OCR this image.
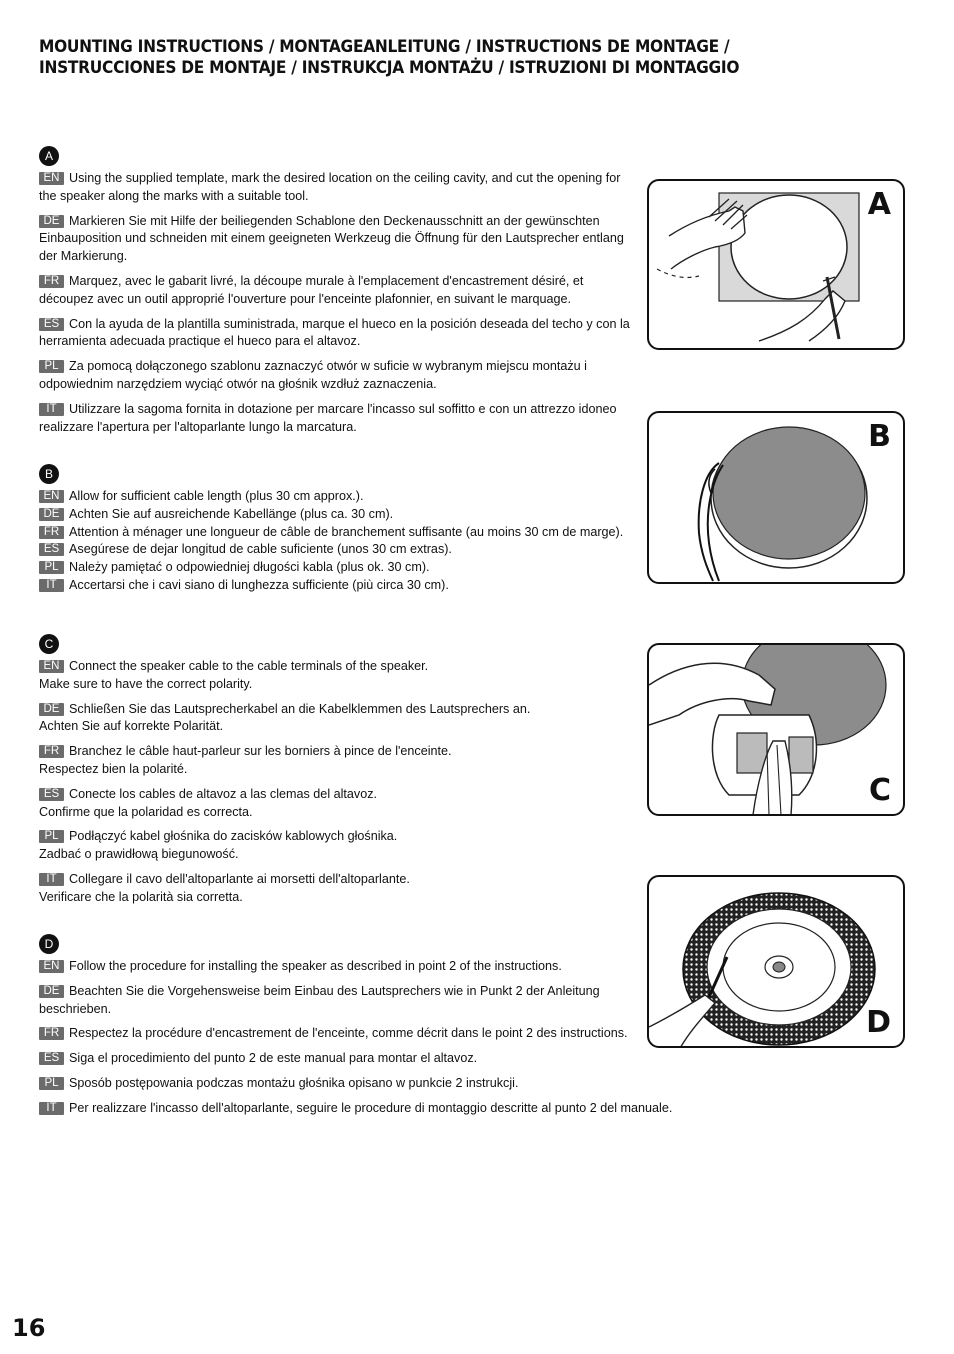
MOUNTING INSTRUCTIONS / MONTAGEANLEITUNG / INSTRUCTIONS DE MONTAGE /
INSTRUCCIONES DE MONTAJE / INSTRUKCJA MONTAŻU / ISTRUZIONI DI MONTAGGIO
A
EN Using the supplied template, mark the desired location on the ceiling cavity, and cut the opening for the speaker along the marks with a suitable tool.
DE Markieren Sie mit Hilfe der beiliegenden Schablone den Deckenausschnitt an der gewünschten Einbauposition und schneiden mit einem geeigneten Werkzeug die Öffnung für den Lautsprecher entlang der Markierung.
FR Marquez, avec le gabarit livré, la découpe murale à l'emplacement d'encastrement désiré, et découpez avec un outil approprié l'ouverture pour l'enceinte plafonnier, en suivant le marquage.
ES Con la ayuda de la plantilla suministrada, marque el hueco en la posición deseada del techo y con la herramienta adecuada practique el hueco para el altavoz.
PL Za pomocą dołączonego szablonu zaznaczyć otwór w suficie w wybranym miejscu montażu i odpowiednim narzędziem wyciąć otwór na głośnik wzdłuż zaznaczenia.
IT Utilizzare la sagoma fornita in dotazione per marcare l'incasso sul soffitto e con un attrezzo idoneo realizzare l'apertura per l'altoparlante lungo la marcatura.
B
EN Allow for sufficient cable length (plus 30 cm approx.).
DE Achten Sie auf ausreichende Kabellänge (plus ca. 30 cm).
FR Attention à ménager une longueur de câble de branchement suffisante (au moins 30 cm de marge).
ES Asegúrese de dejar longitud de cable suficiente (unos 30 cm extras).
PL Należy pamiętać o odpowiedniej długości kabla (plus ok. 30 cm).
IT Accertarsi che i cavi siano di lunghezza sufficiente (più circa 30 cm).
C
EN Connect the speaker cable to the cable terminals of the speaker.
Make sure to have the correct polarity.
DE Schließen Sie das Lautsprecherkabel an die Kabelklemmen des Lautsprechers an.
Achten Sie auf korrekte Polarität.
FR Branchez le câble haut-parleur sur les borniers à pince de l'enceinte.
Respectez bien la polarité.
ES Conecte los cables de altavoz a las clemas del altavoz.
Confirme que la polaridad es correcta.
PL Podłączyć kabel głośnika do zacisków kablowych głośnika.
Zadbać o prawidłową biegunowość.
IT Collegare il cavo dell'altoparlante ai morsetti dell'altoparlante.
Verificare che la polarità sia corretta.
D
EN Follow the procedure for installing the speaker as described in point 2 of the instructions.
DE Beachten Sie die Vorgehensweise beim Einbau des Lautsprechers wie in Punkt 2 der Anleitung beschrieben.
FR Respectez la procédure d'encastrement de l'enceinte, comme décrit dans le point 2 des instructions.
ES Siga el procedimiento del punto 2 de este manual para montar el altavoz.
PL Sposób postępowania podczas montażu głośnika opisano w punkcie 2 instrukcji.
IT Per realizzare l'incasso dell'altoparlante, seguire le procedure di montaggio descritte al punto 2 del manuale.
A
B
C
D
16
